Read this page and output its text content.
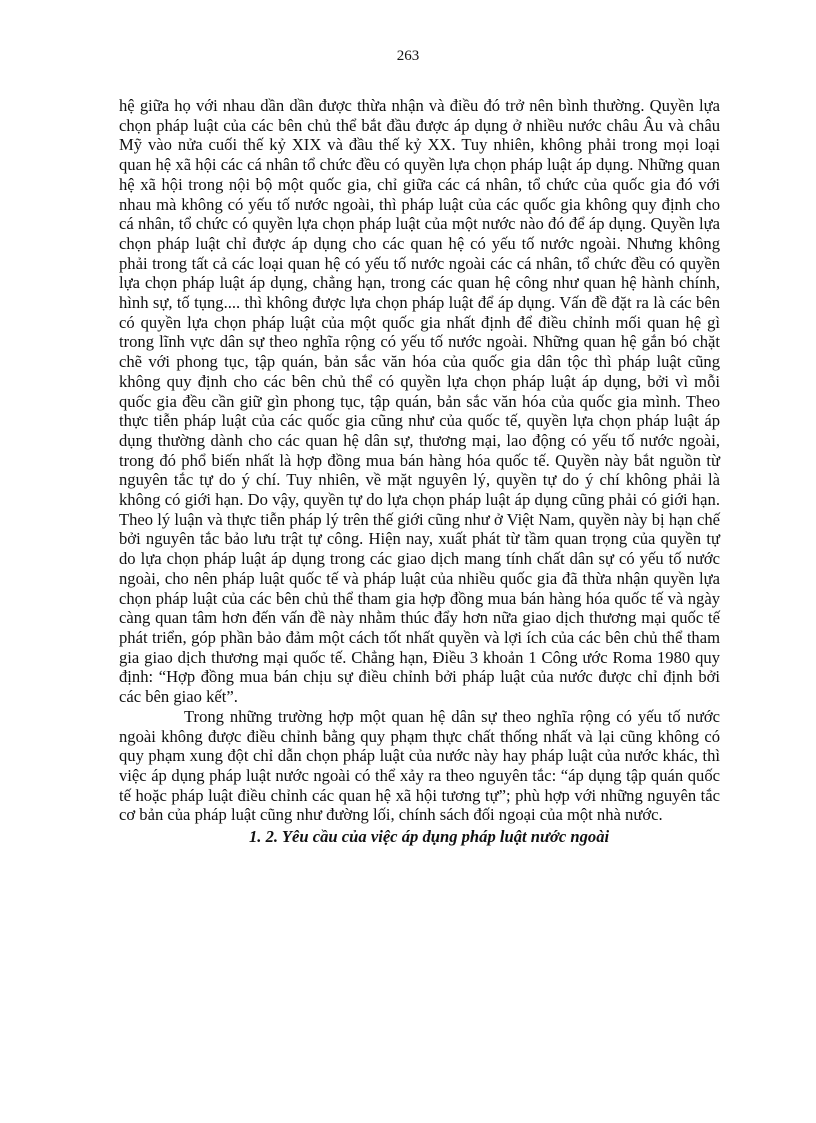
263

hệ giữa họ với nhau dần dần được thừa nhận và điều đó trở nên bình thường. Quyền lựa chọn pháp luật của các bên chủ thể bắt đầu được áp dụng ở nhiều nước châu Âu và châu Mỹ vào nửa cuối thế kỷ XIX và đầu thế kỷ XX. Tuy nhiên, không phải trong mọi loại quan hệ xã hội các cá nhân tổ chức đều có quyền lựa chọn pháp luật áp dụng. Những quan hệ xã hội trong nội bộ một quốc gia, chỉ giữa các cá nhân, tổ chức của quốc gia đó với nhau mà không có yếu tố nước ngoài, thì pháp luật của các quốc gia không quy định cho cá nhân, tổ chức có quyền lựa chọn pháp luật của một nước nào đó để áp dụng. Quyền lựa chọn pháp luật chỉ được áp dụng cho các quan hệ có yếu tố nước ngoài. Nhưng không phải trong tất cả các loại quan hệ có yếu tố nước ngoài các cá nhân, tổ chức đều có quyền lựa chọn pháp luật áp dụng, chẳng hạn, trong các quan hệ công như quan hệ hành chính, hình sự, tố tụng.... thì không được lựa chọn pháp luật để áp dụng. Vấn đề đặt ra là các bên có quyền lựa chọn pháp luật của một quốc gia nhất định để điều chỉnh mối quan hệ gì trong lĩnh vực dân sự theo nghĩa rộng có yếu tố nước ngoài. Những quan hệ gắn bó chặt chẽ với phong tục, tập quán, bản sắc văn hóa của quốc gia dân tộc thì pháp luật cũng không quy định cho các bên chủ thể có quyền lựa chọn pháp luật áp dụng, bởi vì mỗi quốc gia đều cần giữ gìn phong tục, tập quán, bản sắc văn hóa của quốc gia mình. Theo thực tiễn pháp luật của các quốc gia cũng như của quốc tế, quyền lựa chọn pháp luật áp dụng thường dành cho các quan hệ dân sự, thương mại, lao động có yếu tố nước ngoài, trong đó phổ biến nhất là hợp đồng mua bán hàng hóa quốc tế. Quyền này bắt nguồn từ nguyên tắc tự do ý chí. Tuy nhiên, về mặt nguyên lý, quyền tự do ý chí không phải là không có giới hạn. Do vậy, quyền tự do lựa chọn pháp luật áp dụng cũng phải có giới hạn. Theo lý luận và thực tiễn pháp lý trên thế giới cũng như ở Việt Nam, quyền này bị hạn chế bởi nguyên tắc bảo lưu trật tự công. Hiện nay, xuất phát từ tầm quan trọng của quyền tự do lựa chọn pháp luật áp dụng trong các giao dịch mang tính chất dân sự có yếu tố nước ngoài, cho nên pháp luật quốc tế và pháp luật của nhiều quốc gia đã thừa nhận quyền lựa chọn pháp luật của các bên chủ thể tham gia hợp đồng mua bán hàng hóa quốc tế và ngày càng quan tâm hơn đến vấn đề này nhằm thúc đẩy hơn nữa giao dịch thương mại quốc tế phát triển, góp phần bảo đảm một cách tốt nhất quyền và lợi ích của các bên chủ thể tham gia giao dịch thương mại quốc tế. Chẳng hạn, Điều 3 khoản 1 Công ước Roma 1980 quy định: “Hợp đồng mua bán chịu sự điều chỉnh bởi pháp luật của nước được chỉ định bởi các bên giao kết”.

Trong những trường hợp một quan hệ dân sự theo nghĩa rộng có yếu tố nước ngoài không được điều chỉnh bằng quy phạm thực chất thống nhất và lại cũng không có quy phạm xung đột chỉ dẫn chọn pháp luật của nước này hay pháp luật của nước khác, thì việc áp dụng pháp luật nước ngoài có thể xảy ra theo nguyên tắc: “áp dụng tập quán quốc tế hoặc pháp luật điều chỉnh các quan hệ xã hội tương tự”; phù hợp với những nguyên tắc cơ bản của pháp luật cũng như đường lối, chính sách đối ngoại của một nhà nước.

1. 2. Yêu cầu của việc áp dụng pháp luật nước ngoài
